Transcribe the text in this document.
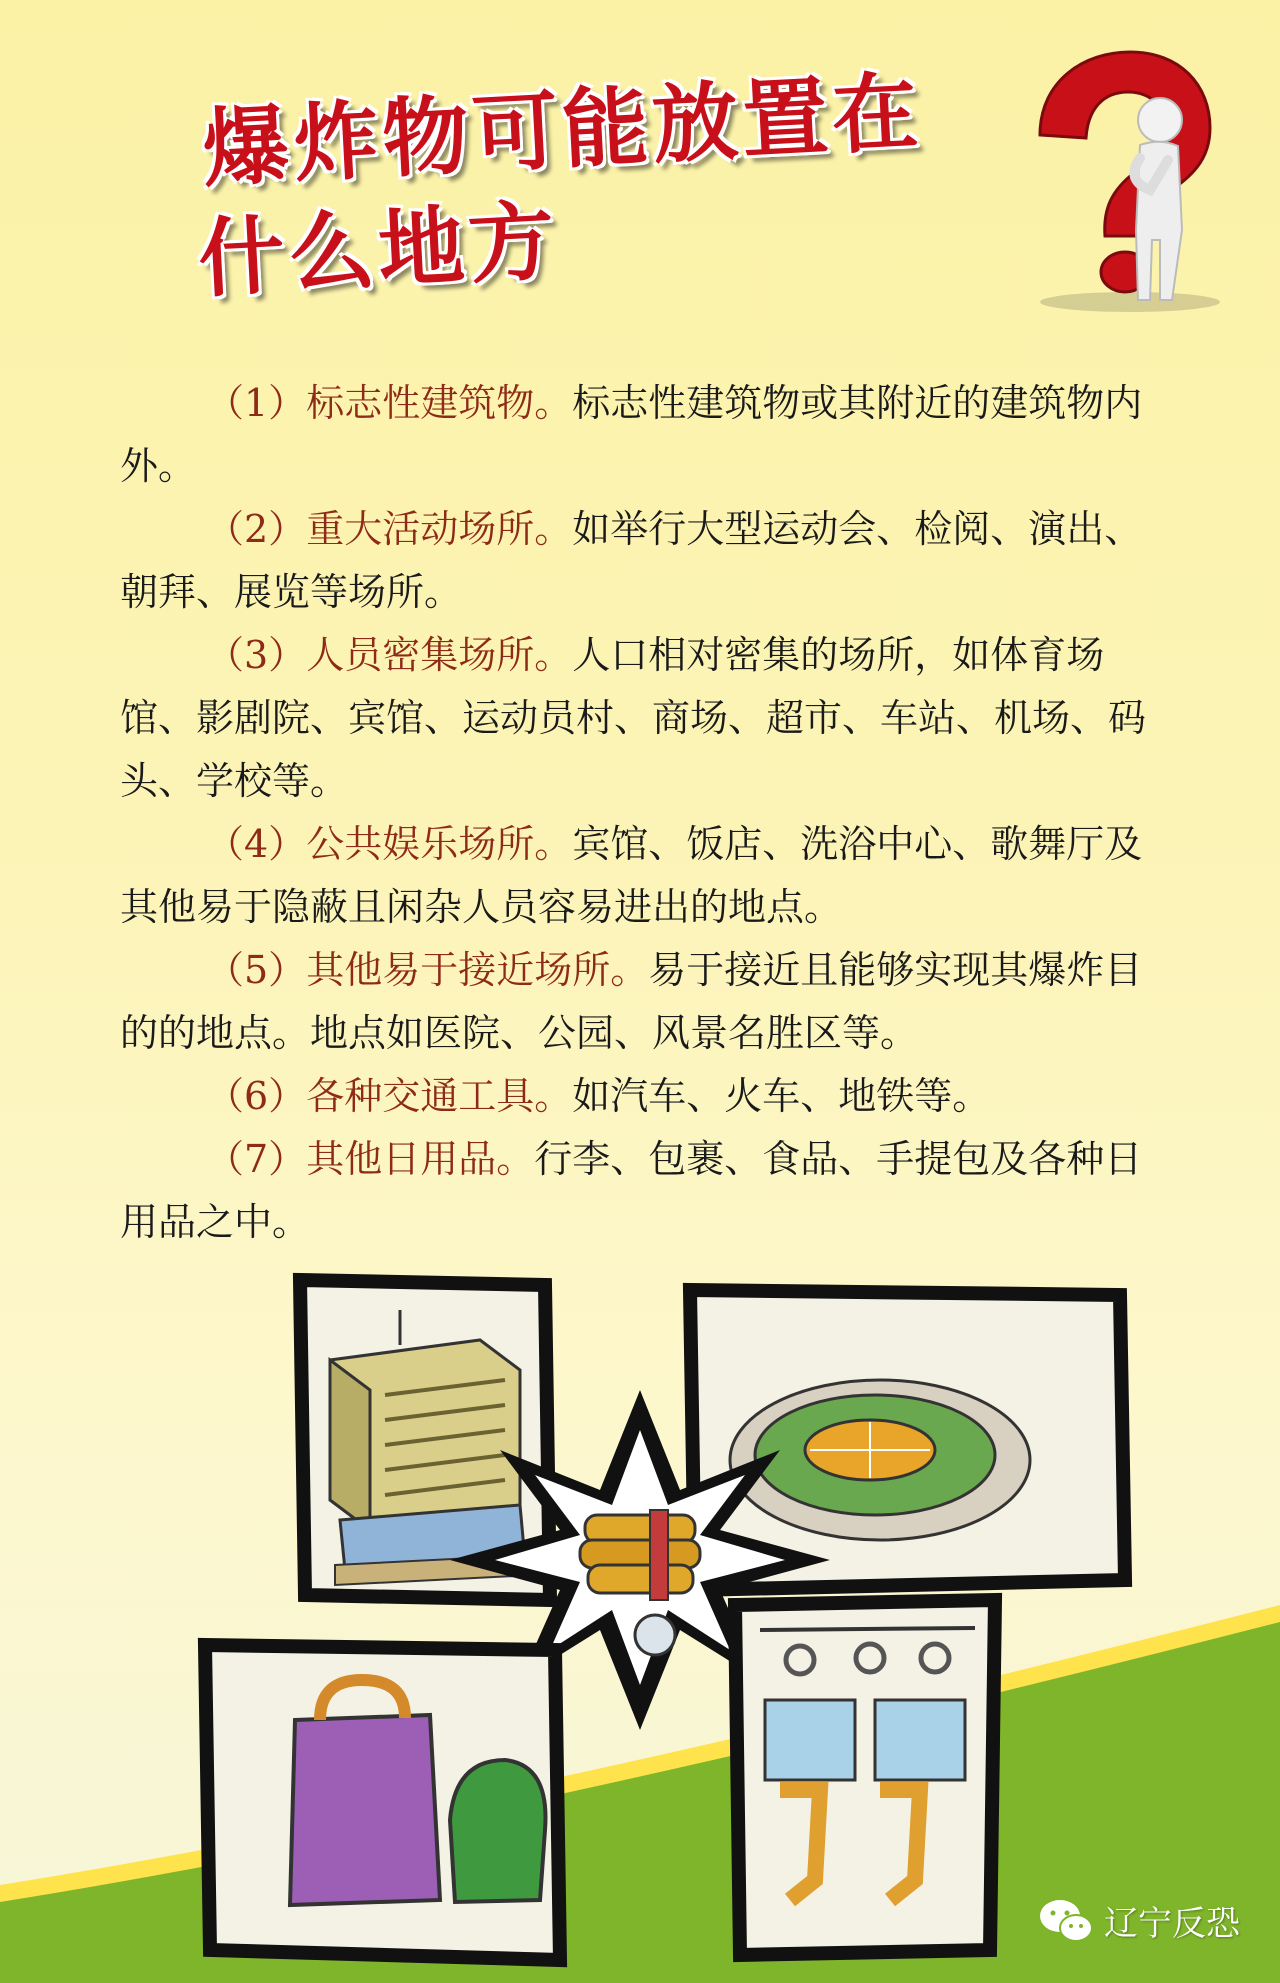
爆炸物可能放置在
什么地方

（1）标志性建筑物。标志性建筑物或其附近的建筑物内外。

（2）重大活动场所。如举行大型运动会、检阅、演出、朝拜、展览等场所。

（3）人员密集场所。人口相对密集的场所，如体育场馆、影剧院、宾馆、运动员村、商场、超市、车站、机场、码头、学校等。

（4）公共娱乐场所。宾馆、饭店、洗浴中心、歌舞厅及其他易于隐蔽且闲杂人员容易进出的地点。

（5）其他易于接近场所。易于接近且能够实现其爆炸目的的地点。地点如医院、公园、风景名胜区等。

（6）各种交通工具。如汽车、火车、地铁等。

（7）其他日用品。行李、包裹、食品、手提包及各种日用品之中。

辽宁反恐
